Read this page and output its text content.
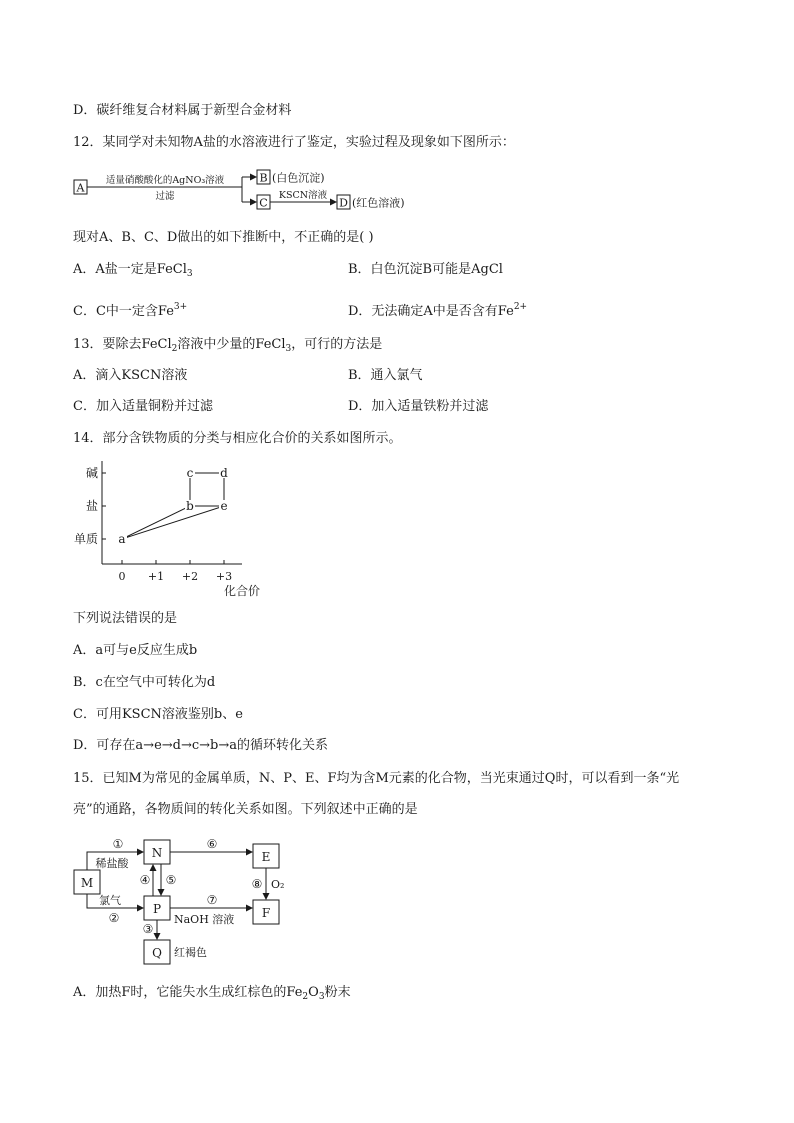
D．碳纤维复合材料属于新型合金材料
12．某同学对未知物A盐的水溶液进行了鉴定，实验过程及现象如下图所示：
A
适量硝酸酸化的AgNO₃溶液
过滤
B (白色沉淀)
C
KSCN溶液
D (红色溶液)
现对A、B、C、D做出的如下推断中，不正确的是( )
A．A盐一定是FeCl$_3$	B．白色沉淀B可能是AgCl
C．C中一定含$Fe^{3+}$	D．无法确定A中是否含有$Fe^{2+}$
13．要除去FeCl$_2$溶液中少量的FeCl$_3$，可行的方法是
A．滴入KSCN溶液	B．通入氯气
C．加入适量铜粉并过滤	D．加入适量铁粉并过滤
14．部分含铁物质的分类与相应化合价的关系如图所示。
碱
盐
单质
0 +1 +2 +3
a
b
c d
e
化合价
下列说法错误的是
A．a可与e反应生成b
B．c在空气中可转化为d
C．可用KSCN溶液鉴别b、e
D．可存在a→e→d→c→b→a的循环转化关系
15．已知M为常见的金属单质，N、P、E、F均为含M元素的化合物，当光束通过Q时，可以看到一条“光
亮”的通路，各物质间的转化关系如图。下列叙述中正确的是
M
N
P
Q
E
F
①
稀盐酸
氯气
②
④ ⑤
③
红褐色
⑥
⑦
NaOH 溶液
⑧ O₂
A．加热F时，它能失水生成红棕色的$Fe_2O_3$粉末
